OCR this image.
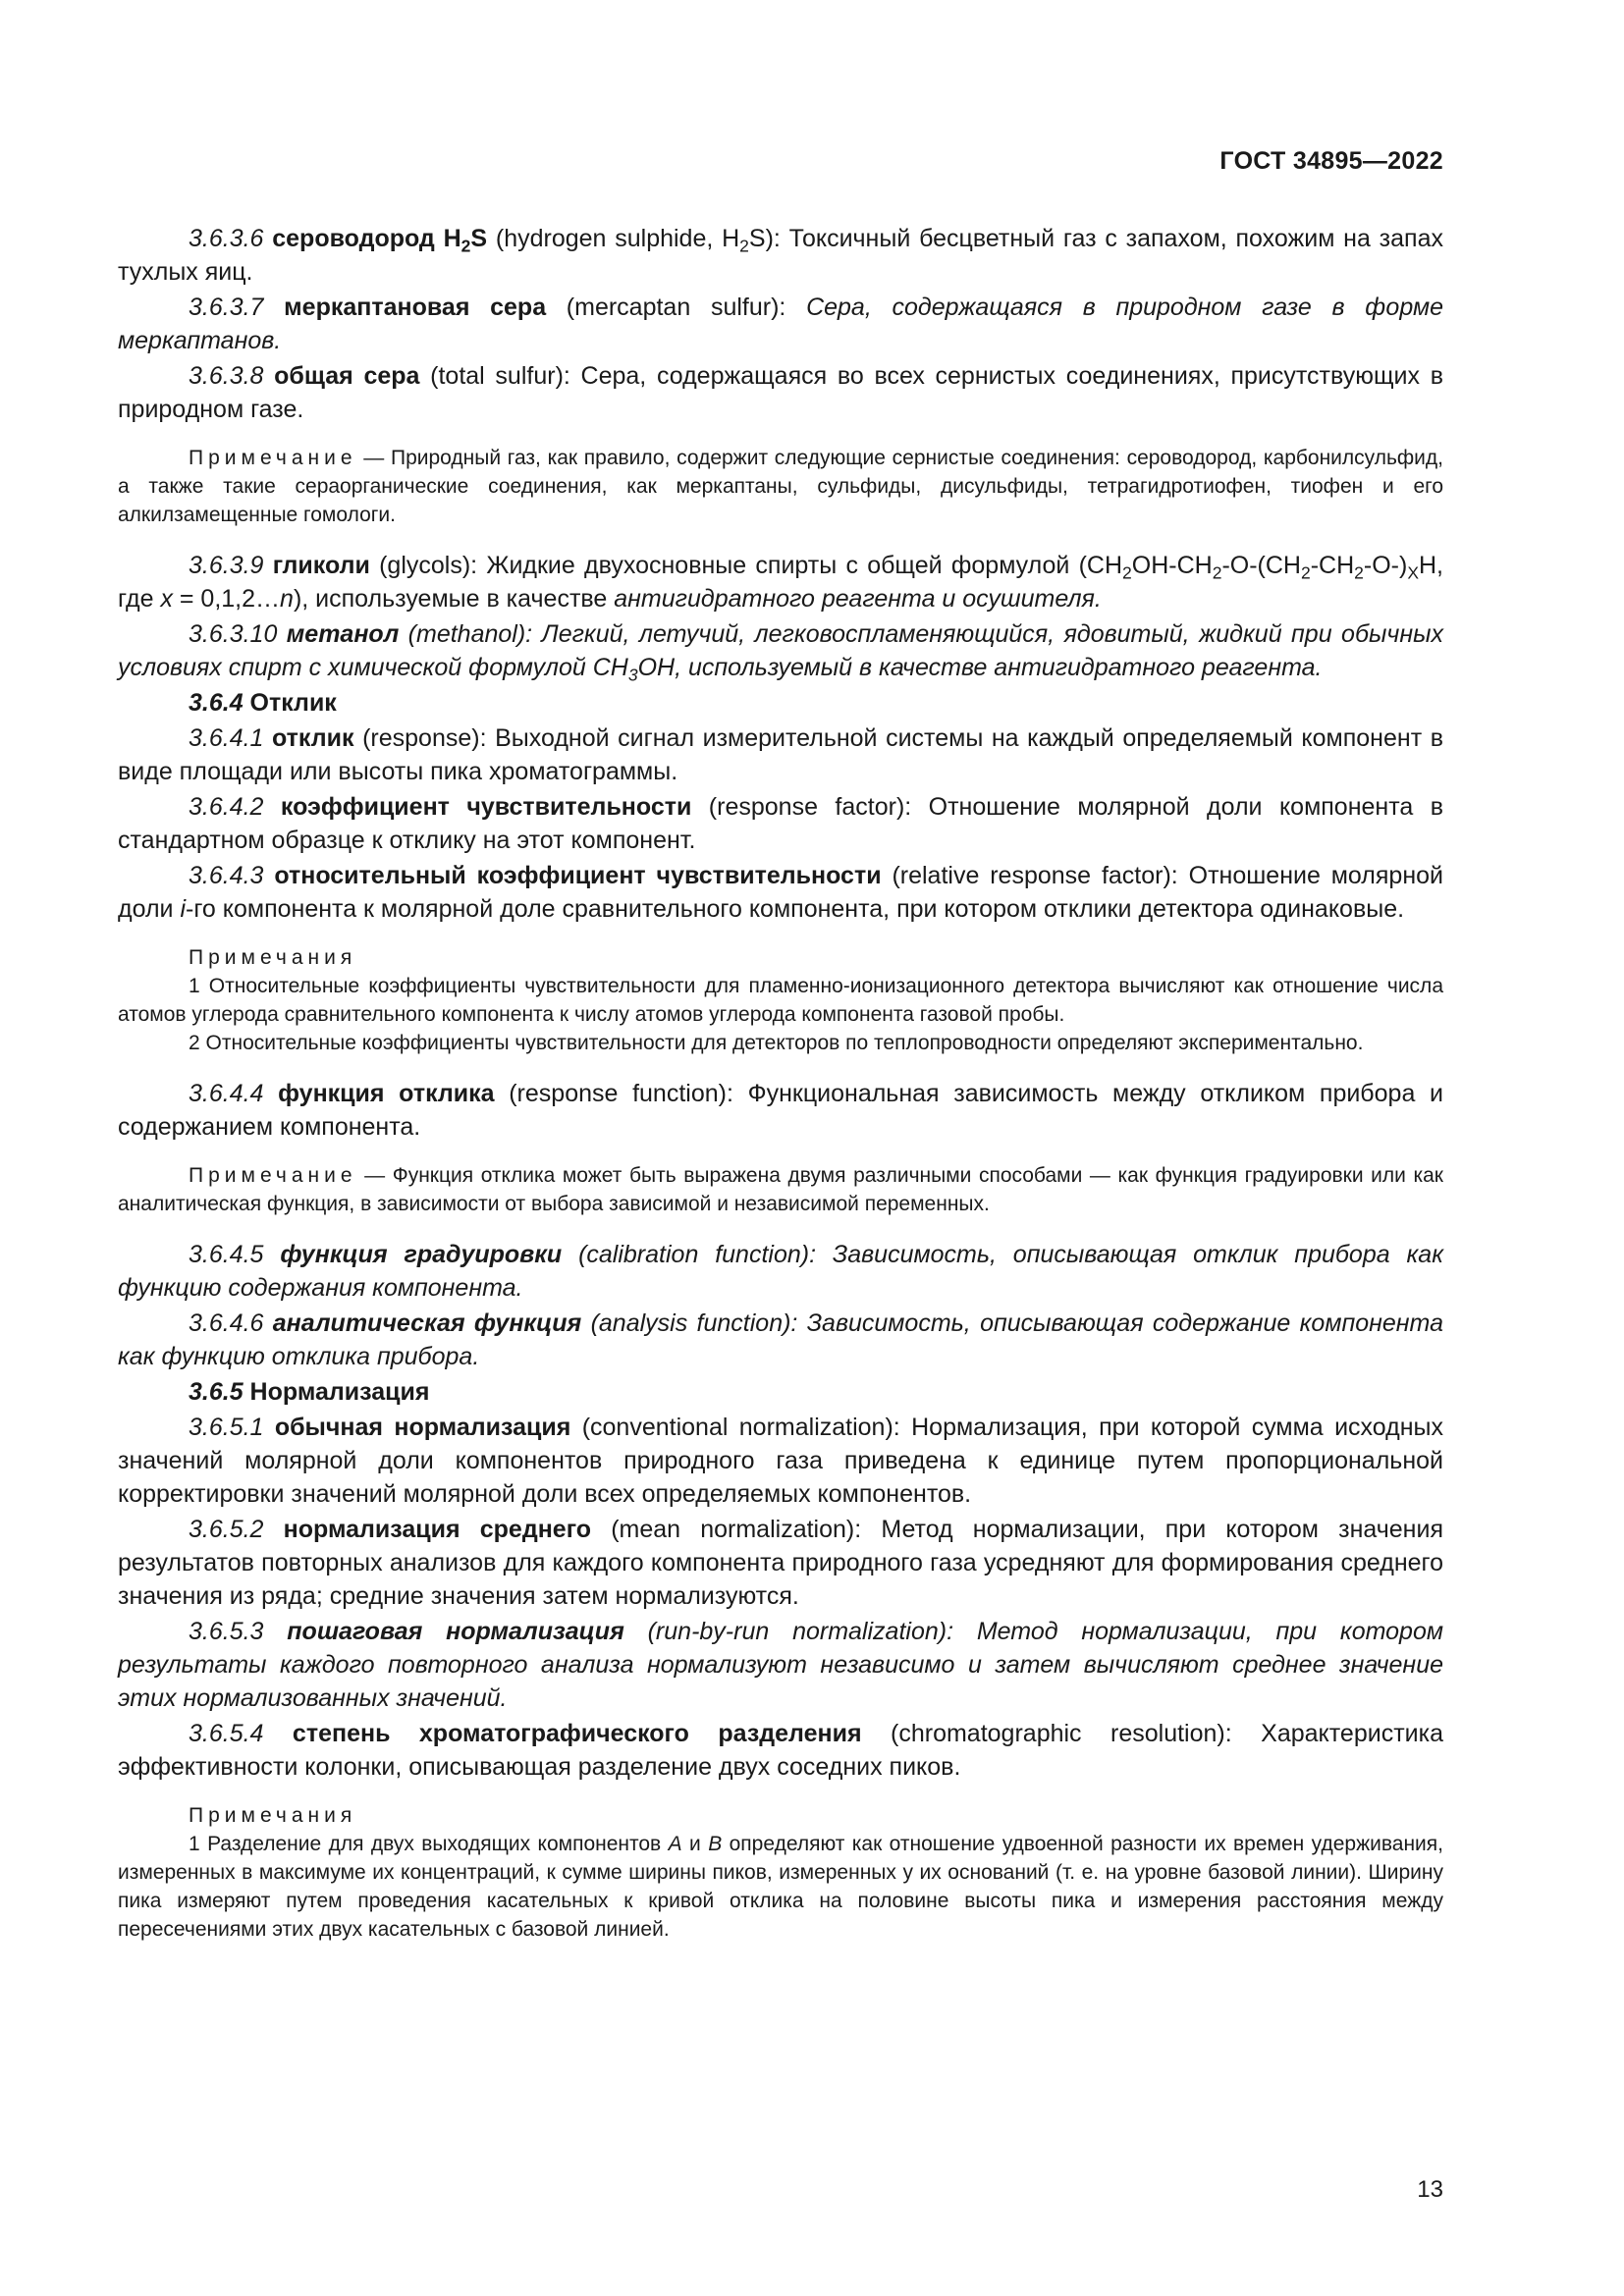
ГОСТ 34895—2022

3.6.3.6 сероводород $H_2S$ (hydrogen sulphide, $H_2S$): Токсичный бесцветный газ с запахом, похожим на запах тухлых яиц.

3.6.3.7 меркаптановая сера (mercaptan sulfur): Сера, содержащаяся в природном газе в форме меркаптанов.

3.6.3.8 общая сера (total sulfur): Сера, содержащаяся во всех сернистых соединениях, присутствующих в природном газе.

Примечание — Природный газ, как правило, содержит следующие сернистые соединения: сероводород, карбонилсульфид, а также такие сераорганические соединения, как меркаптаны, сульфиды, дисульфиды, тетрагидротиофен, тиофен и его алкилзамещенные гомологи.

3.6.3.9 гликоли (glycols): Жидкие двухосновные спирты с общей формулой ($CH_2OH-CH_2-O-(CH_2-CH_2-O-)_XH$, где x = 0,1,2…n), используемые в качестве антигидратного реагента и осушителя.

3.6.3.10 метанол (methanol): Легкий, летучий, легковоспламеняющийся, ядовитый, жидкий при обычных условиях спирт с химической формулой $CH_3OH$, используемый в качестве антигидратного реагента.

3.6.4 Отклик

3.6.4.1 отклик (response): Выходной сигнал измерительной системы на каждый определяемый компонент в виде площади или высоты пика хроматограммы.

3.6.4.2 коэффициент чувствительности (response factor): Отношение молярной доли компонента в стандартном образце к отклику на этот компонент.

3.6.4.3 относительный коэффициент чувствительности (relative response factor): Отношение молярной доли i-го компонента к молярной доле сравнительного компонента, при котором отклики детектора одинаковые.

Примечания

1 Относительные коэффициенты чувствительности для пламенно-ионизационного детектора вычисляют как отношение числа атомов углерода сравнительного компонента к числу атомов углерода компонента газовой пробы.

2 Относительные коэффициенты чувствительности для детекторов по теплопроводности определяют экспериментально.

3.6.4.4 функция отклика (response function): Функциональная зависимость между откликом прибора и содержанием компонента.

Примечание — Функция отклика может быть выражена двумя различными способами — как функция градуировки или как аналитическая функция, в зависимости от выбора зависимой и независимой переменных.

3.6.4.5 функция градуировки (calibration function): Зависимость, описывающая отклик прибора как функцию содержания компонента.

3.6.4.6 аналитическая функция (analysis function): Зависимость, описывающая содержание компонента как функцию отклика прибора.

3.6.5 Нормализация

3.6.5.1 обычная нормализация (conventional normalization): Нормализация, при которой сумма исходных значений молярной доли компонентов природного газа приведена к единице путем пропорциональной корректировки значений молярной доли всех определяемых компонентов.

3.6.5.2 нормализация среднего (mean normalization): Метод нормализации, при котором значения результатов повторных анализов для каждого компонента природного газа усредняют для формирования среднего значения из ряда; средние значения затем нормализуются.

3.6.5.3 пошаговая нормализация (run-by-run normalization): Метод нормализации, при котором результаты каждого повторного анализа нормализуют независимо и затем вычисляют среднее значение этих нормализованных значений.

3.6.5.4 степень хроматографического разделения (chromatographic resolution): Характеристика эффективности колонки, описывающая разделение двух соседних пиков.

Примечания

1 Разделение для двух выходящих компонентов A и B определяют как отношение удвоенной разности их времен удерживания, измеренных в максимуме их концентраций, к сумме ширины пиков, измеренных у их оснований (т. е. на уровне базовой линии). Ширину пика измеряют путем проведения касательных к кривой отклика на половине высоты пика и измерения расстояния между пересечениями этих двух касательных с базовой линией.

13
